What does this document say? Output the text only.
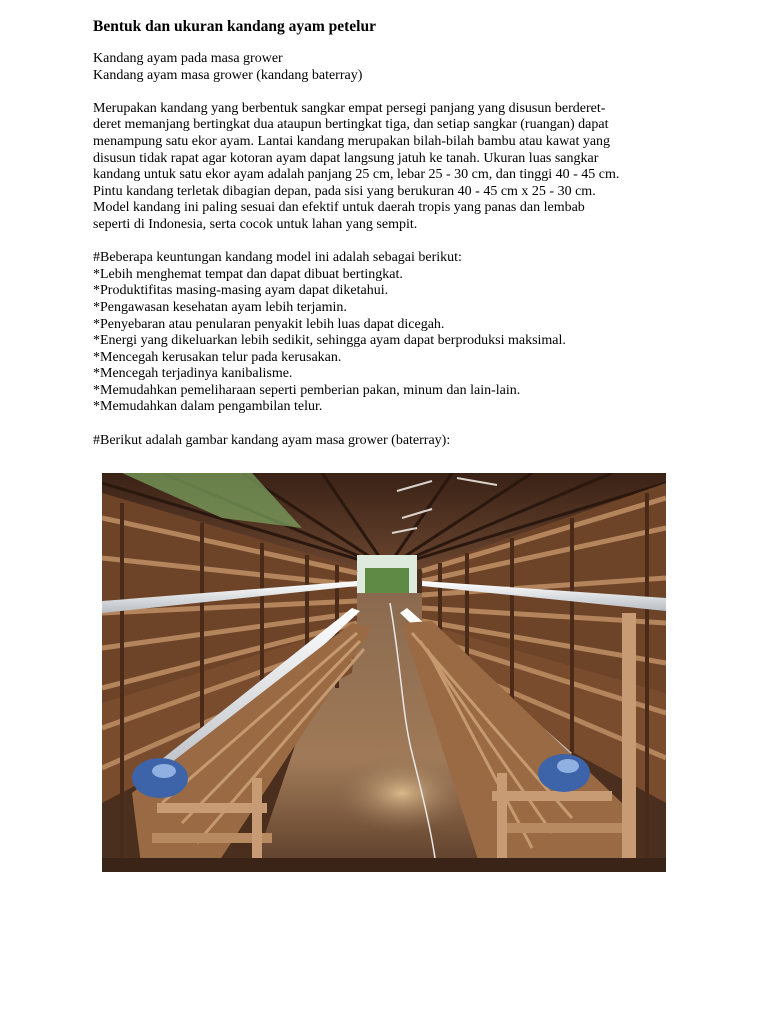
Bentuk dan ukuran kandang ayam petelur

Kandang ayam pada masa grower

Kandang ayam masa grower (kandang baterray)

Merupakan kandang yang berbentuk sangkar empat persegi panjang yang disusun berderet-

deret memanjang bertingkat dua ataupun bertingkat tiga, dan setiap sangkar (ruangan) dapat

menampung satu ekor ayam. Lantai kandang merupakan bilah-bilah bambu atau kawat yang

disusun tidak rapat agar kotoran ayam dapat langsung jatuh ke tanah. Ukuran luas sangkar

kandang untuk satu ekor ayam adalah panjang 25 cm, lebar 25 - 30 cm, dan tinggi 40 - 45 cm.

Pintu kandang terletak dibagian depan, pada sisi yang berukuran 40 - 45 cm x 25 - 30 cm.

Model kandang ini paling sesuai dan efektif untuk daerah tropis yang panas dan lembab

seperti di Indonesia, serta cocok untuk lahan yang sempit.

#Beberapa keuntungan kandang model ini adalah sebagai berikut:

*Lebih menghemat tempat dan dapat dibuat bertingkat.

*Produktifitas masing-masing ayam dapat diketahui.

*Pengawasan kesehatan ayam lebih terjamin.

*Penyebaran atau penularan penyakit lebih luas dapat dicegah.

*Energi yang dikeluarkan lebih sedikit, sehingga ayam dapat berproduksi maksimal.

*Mencegah kerusakan telur pada kerusakan.

*Mencegah terjadinya kanibalisme.

*Memudahkan pemeliharaan seperti pemberian pakan, minum dan lain-lain.

*Memudahkan dalam pengambilan telur.

#Berikut adalah gambar kandang ayam masa grower (baterray):
